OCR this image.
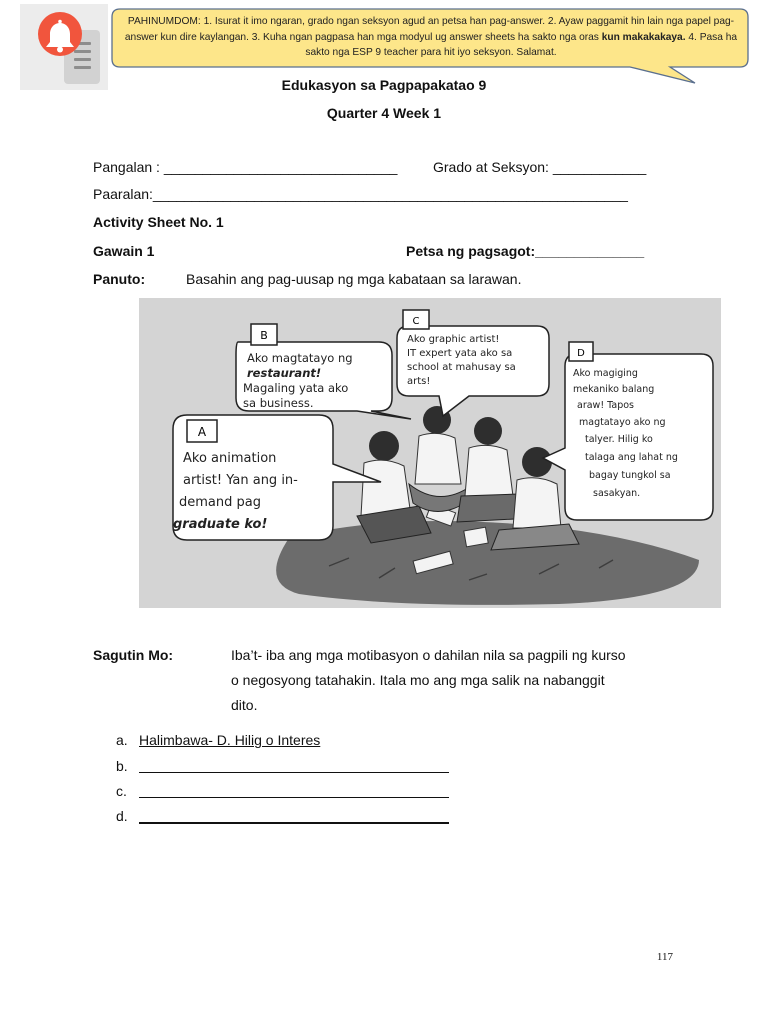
PAHINUMDOM: 1. Isurat it imo ngaran, grado ngan seksyon agud an petsa han pag-answer. 2. Ayaw paggamit hin lain nga papel pag-answer kun dire kaylangan. 3. Kuha ngan pagpasa han mga modyul ug answer sheets ha sakto nga oras kun makakakaya. 4. Pasa ha sakto nga ESP 9 teacher para hit iyo seksyon. Salamat.
Edukasyon sa Pagpapakatao 9
Quarter 4 Week 1
Pangalan : ______________________________	Grado at Seksyon: ____________
Paaralan:_____________________________________________________________
Activity Sheet No. 1
Gawain 1	Petsa ng pagsagot:______________
Panuto:	Basahin ang pag-uusap ng mga kabataan sa larawan.
B
Ako magtatayo ng
restaurant!
Magaling yata ako
sa business.
C
Ako graphic artist!
IT expert yata ako sa
school at mahusay sa
arts!
A
Ako animation
artist! Yan ang in-
demand pag
graduate ko!
D
Ako magiging
mekaniko balang
araw! Tapos
magtatayo ako ng
talyer. Hilig ko
talaga ang lahat ng
bagay tungkol sa
sasakyan.
Sagutin Mo:	Iba’t- iba ang mga motibasyon o dahilan nila sa pagpili ng kurso
o negosyong tatahakin. Itala mo ang mga salik na nabanggit
dito.
a. Halimbawa- D. Hilig o Interes
b.
c.
d.
117
